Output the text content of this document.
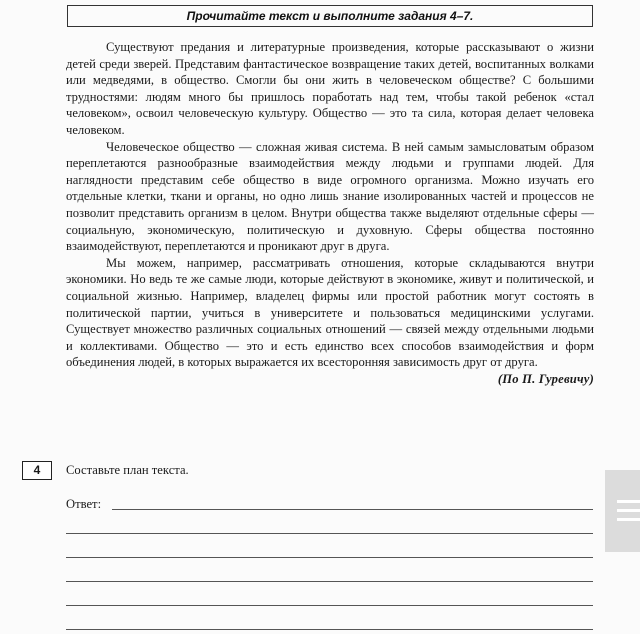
Прочитайте текст и выполните задания 4–7.

Существуют предания и литературные произведения, которые рассказывают о жизни детей среди зверей. Представим фантастическое возвращение таких детей, воспитанных волками или медведями, в общество. Смогли бы они жить в человеческом обществе? С большими трудностями: людям много бы пришлось поработать над тем, чтобы такой ребенок «стал человеком», освоил человеческую культуру. Общество — это та сила, которая делает человека человеком.

Человеческое общество — сложная живая система. В ней самым замысловатым образом переплетаются разнообразные взаимодействия между людьми и группами людей. Для наглядности представим себе общество в виде огромного организма. Можно изучать его отдельные клетки, ткани и органы, но одно лишь знание изолированных частей и процессов не позволит представить организм в целом. Внутри общества также выделяют отдельные сферы — социальную, экономическую, политическую и духовную. Сферы общества постоянно взаимодействуют, переплетаются и проникают друг в друга.

Мы можем, например, рассматривать отношения, которые складываются внутри экономики. Но ведь те же самые люди, которые действуют в экономике, живут и политической, и социальной жизнью. Например, владелец фирмы или простой работник могут состоять в политической партии, учиться в университете и пользоваться медицинскими услугами. Существует множество различных социальных отношений — связей между отдельными людьми и коллективами. Общество — это и есть единство всех способов взаимодействия и форм объединения людей, в которых выражается их всесторонняя зависимость друг от друга.

(По П. Гуревичу)

4	Составьте план текста.
Ответ:
